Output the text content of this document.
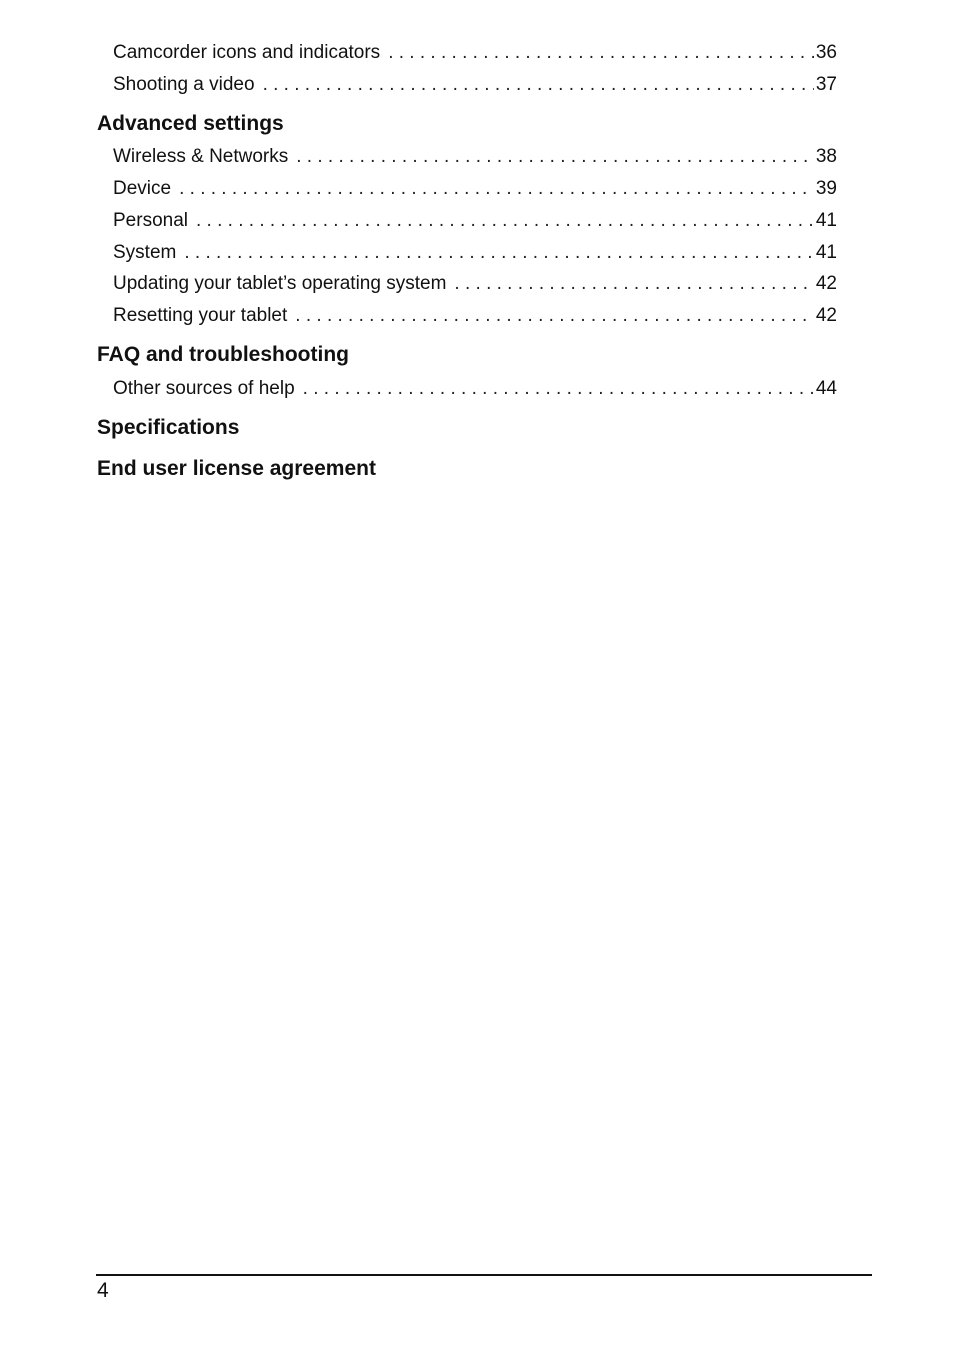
Camcorder icons and indicators . . .	36
Shooting a video . . .	37
Advanced settings
Wireless & Networks . . .	38
Device . . .	39
Personal . . .	41
System . . .	41
Updating your tablet’s operating system . . .	42
Resetting your tablet . . .	42
FAQ and troubleshooting
Other sources of help . . .	44
Specifications
End user license agreement
4
